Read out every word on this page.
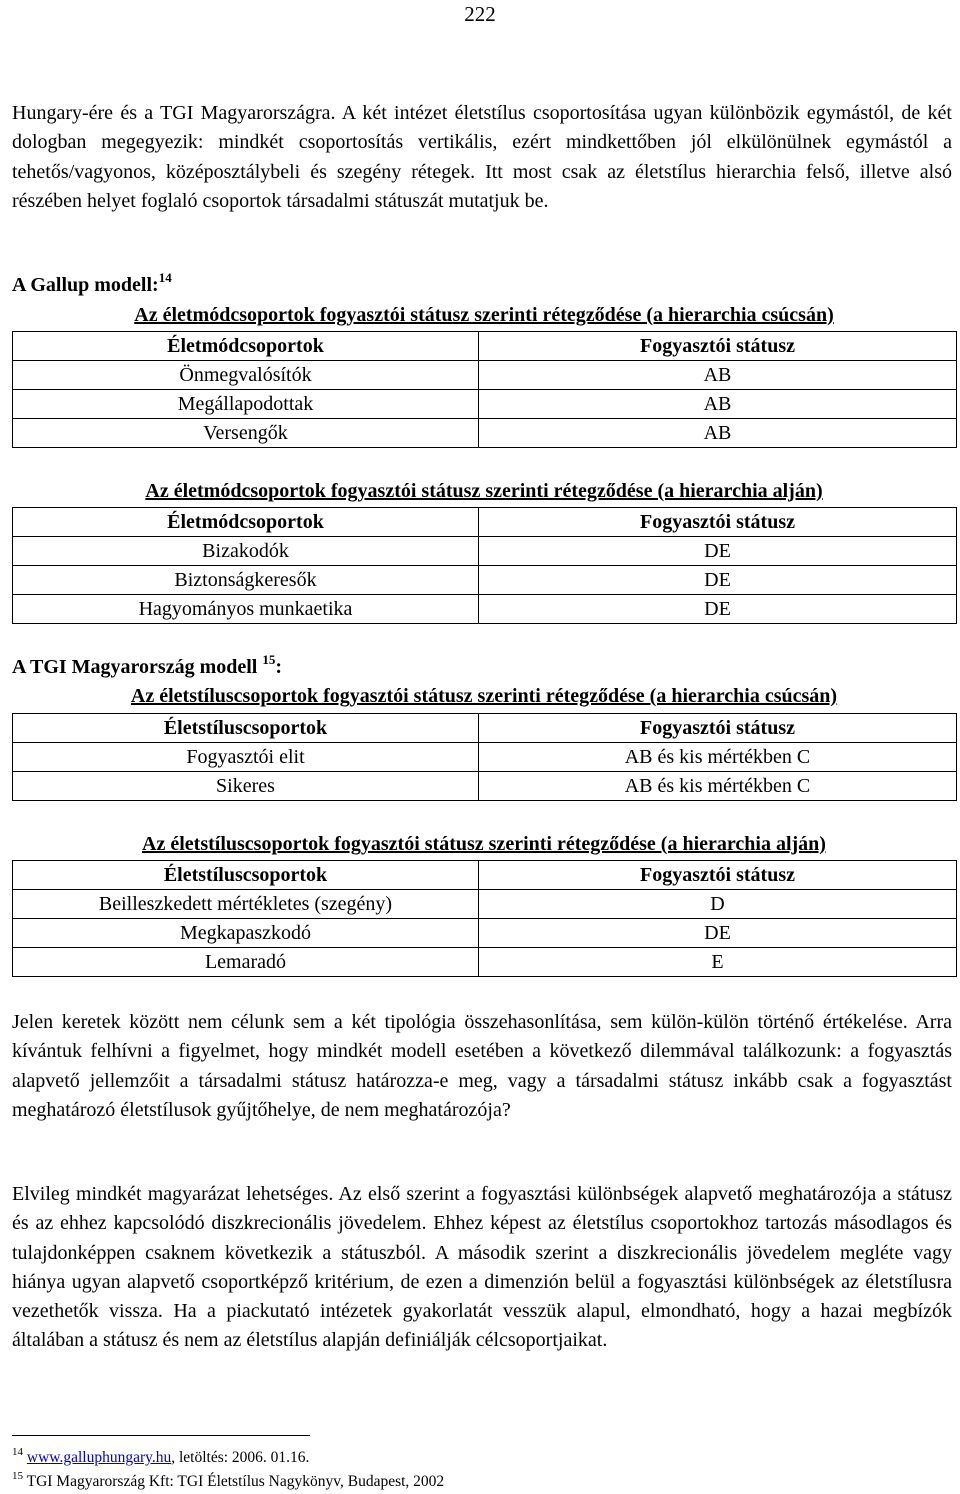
222

Hungary-ére és a TGI Magyarországra. A két intézet életstílus csoportosítása ugyan különbözik egymástól, de két dologban megegyezik: mindkét csoportosítás vertikális, ezért mindkettőben jól elkülönülnek egymástól a tehetős/vagyonos, középosztálybeli és szegény rétegek. Itt most csak az életstílus hierarchia felső, illetve alsó részében helyet foglaló csoportok társadalmi státuszát mutatjuk be.

A Gallup modell:$^{14}$

Az életmódcsoportok fogyasztói státusz szerinti rétegződése (a hierarchia csúcsán)

Életmódcsoportok	Fogyasztói státusz
Önmegvalósítók	AB
Megállapodottak	AB
Versengők	AB

Az életmódcsoportok fogyasztói státusz szerinti rétegződése (a hierarchia alján)

Életmódcsoportok	Fogyasztói státusz
Bizakodók	DE
Biztonságkeresők	DE
Hagyományos munkaetika	DE

A TGI Magyarország modell $^{15}$:

Az életstíluscsoportok fogyasztói státusz szerinti rétegződése (a hierarchia csúcsán)

Életstíluscsoportok	Fogyasztói státusz
Fogyasztói elit	AB és kis mértékben C
Sikeres	AB és kis mértékben C

Az életstíluscsoportok fogyasztói státusz szerinti rétegződése (a hierarchia alján)

Életstíluscsoportok	Fogyasztói státusz
Beilleszkedett mértékletes (szegény)	D
Megkapaszkodó	DE
Lemaradó	E

Jelen keretek között nem célunk sem a két tipológia összehasonlítása, sem külön-külön történő értékelése. Arra kívántuk felhívni a figyelmet, hogy mindkét modell esetében a következő dilemmával találkozunk: a fogyasztás alapvető jellemzőit a társadalmi státusz határozza-e meg, vagy a társadalmi státusz inkább csak a fogyasztást meghatározó életstílusok gyűjtőhelye, de nem meghatározója?

Elvileg mindkét magyarázat lehetséges. Az első szerint a fogyasztási különbségek alapvető meghatározója a státusz és az ehhez kapcsolódó diszkrecionális jövedelem. Ehhez képest az életstílus csoportokhoz tartozás másodlagos és tulajdonképpen csaknem következik a státuszból. A második szerint a diszkrecionális jövedelem megléte vagy hiánya ugyan alapvető csoportképző kritérium, de ezen a dimenzión belül a fogyasztási különbségek az életstílusra vezethetők vissza. Ha a piackutató intézetek gyakorlatát vesszük alapul, elmondható, hogy a hazai megbízók általában a státusz és nem az életstílus alapján definiálják célcsoportjaikat.

$^{14}$ www.galluphungary.hu, letöltés: 2006. 01.16.

$^{15}$ TGI Magyarország Kft: TGI Életstílus Nagykönyv, Budapest, 2002
